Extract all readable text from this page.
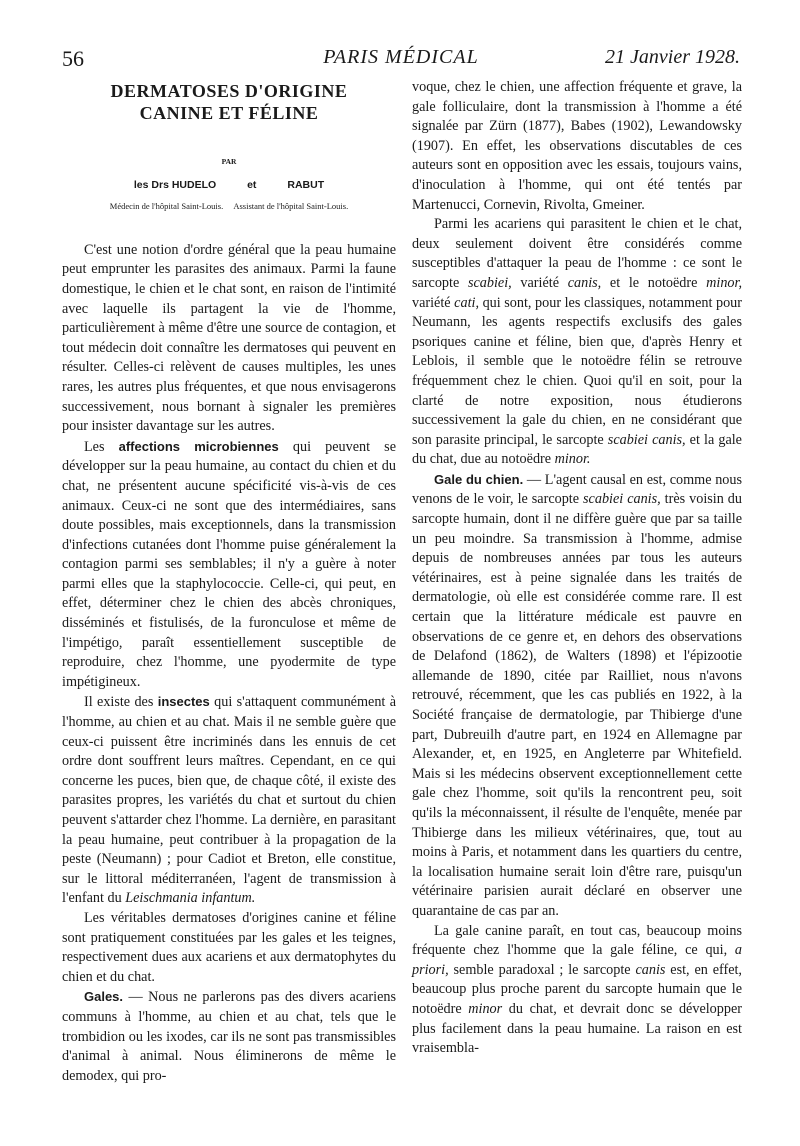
56	PARIS MÉDICAL	21 Janvier 1928.
DERMATOSES D'ORIGINE
CANINE ET FÉLINE
PAR
les Drs HUDELO	et	RABUT
Médecin de l'hôpital Saint-Louis. Assistant de l'hôpital Saint-Louis.

C'est une notion d'ordre général que la peau humaine peut emprunter les parasites des animaux. Parmi la faune domestique, le chien et le chat sont, en raison de l'intimité avec laquelle ils partagent la vie de l'homme, particulièrement à même d'être une source de contagion, et tout médecin doit connaître les dermatoses qui peuvent en résulter. Celles-ci relèvent de causes multiples, les unes rares, les autres plus fréquentes, et que nous envisagerons successivement, nous bornant à signaler les premières pour insister davantage sur les autres.

Les affections microbiennes qui peuvent se développer sur la peau humaine, au contact du chien et du chat, ne présentent aucune spécificité vis-à-vis de ces animaux. Ceux-ci ne sont que des intermédiaires, sans doute possibles, mais exceptionnels, dans la transmission d'infections cutanées dont l'homme puise généralement la contagion parmi ses semblables; il n'y a guère à noter parmi elles que la staphylococcie. Celle-ci, qui peut, en effet, déterminer chez le chien des abcès chroniques, disséminés et fistulisés, de la furonculose et même de l'impétigo, paraît essentiellement susceptible de reproduire, chez l'homme, une pyodermite de type impétigineux.

Il existe des insectes qui s'attaquent communément à l'homme, au chien et au chat. Mais il ne semble guère que ceux-ci puissent être incriminés dans les ennuis de cet ordre dont souffrent leurs maîtres. Cependant, en ce qui concerne les puces, bien que, de chaque côté, il existe des parasites propres, les variétés du chat et surtout du chien peuvent s'attarder chez l'homme. La dernière, en parasitant la peau humaine, peut contribuer à la propagation de la peste (Neumann) ; pour Cadiot et Breton, elle constitue, sur le littoral méditerranéen, l'agent de transmission à l'enfant du Leischmania infantum.

Les véritables dermatoses d'origines canine et féline sont pratiquement constituées par les gales et les teignes, respectivement dues aux acariens et aux dermatophytes du chien et du chat.

Gales. — Nous ne parlerons pas des divers acariens communs à l'homme, au chien et au chat, tels que le trombidion ou les ixodes, car ils ne sont pas transmissibles d'animal à animal. Nous éliminerons de même le demodex, qui pro-

voque, chez le chien, une affection fréquente et grave, la gale folliculaire, dont la transmission à l'homme a été signalée par Zürn (1877), Babes (1902), Lewandowsky (1907). En effet, les observations discutables de ces auteurs sont en opposition avec les essais, toujours vains, d'inoculation à l'homme, qui ont été tentés par Martenucci, Cornevin, Rivolta, Gmeiner.

Parmi les acariens qui parasitent le chien et le chat, deux seulement doivent être considérés comme susceptibles d'attaquer la peau de l'homme : ce sont le sarcopte scabiei, variété canis, et le notoëdre minor, variété cati, qui sont, pour les classiques, notamment pour Neumann, les agents respectifs exclusifs des gales psoriques canine et féline, bien que, d'après Henry et Leblois, il semble que le notoëdre félin se retrouve fréquemment chez le chien. Quoi qu'il en soit, pour la clarté de notre exposition, nous étudierons successivement la gale du chien, en ne considérant que son parasite principal, le sarcopte scabiei canis, et la gale du chat, due au notoëdre minor.

Gale du chien. — L'agent causal en est, comme nous venons de le voir, le sarcopte scabiei canis, très voisin du sarcopte humain, dont il ne diffère guère que par sa taille un peu moindre. Sa transmission à l'homme, admise depuis de nombreuses années par tous les auteurs vétérinaires, est à peine signalée dans les traités de dermatologie, où elle est considérée comme rare. Il est certain que la littérature médicale est pauvre en observations de ce genre et, en dehors des observations de Delafond (1862), de Walters (1898) et l'épizootie allemande de 1890, citée par Railliet, nous n'avons retrouvé, récemment, que les cas publiés en 1922, à la Société française de dermatologie, par Thibierge d'une part, Dubreuilh d'autre part, en 1924 en Allemagne par Alexander, et, en 1925, en Angleterre par Whitefield. Mais si les médecins observent exceptionnellement cette gale chez l'homme, soit qu'ils la rencontrent peu, soit qu'ils la méconnaissent, il résulte de l'enquête, menée par Thibierge dans les milieux vétérinaires, que, tout au moins à Paris, et notamment dans les quartiers du centre, la localisation humaine serait loin d'être rare, puisqu'un vétérinaire parisien aurait déclaré en observer une quarantaine de cas par an.

La gale canine paraît, en tout cas, beaucoup moins fréquente chez l'homme que la gale féline, ce qui, a priori, semble paradoxal ; le sarcopte canis est, en effet, beaucoup plus proche parent du sarcopte humain que le notoëdre minor du chat, et devrait donc se développer plus facilement dans la peau humaine. La raison en est vraisembla-
